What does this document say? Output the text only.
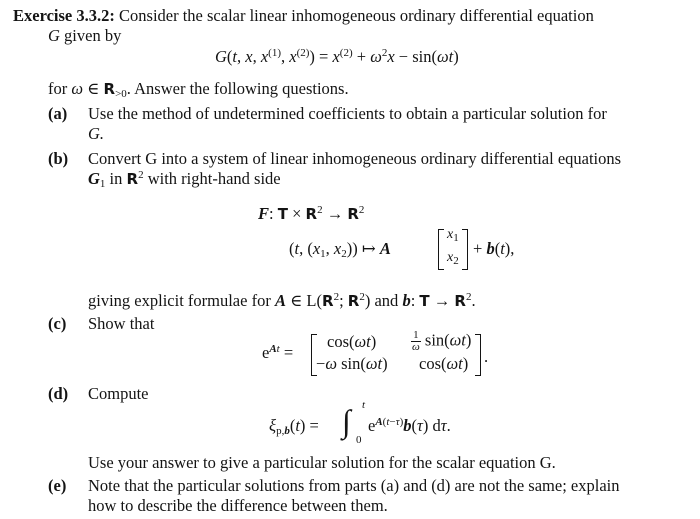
Exercise 3.3.2: Consider the scalar linear inhomogeneous ordinary differential equation
G given by
G(t, x, $x^{(1)}$, $x^{(2)}) = x^{(2)} + \omega^2x - \sin(\omega t)$
for ω ∈ $R_{>0}$. Answer the following questions.
(a) Use the method of undetermined coefficients to obtain a particular solution for
G.
(b) Convert G into a system of linear inhomogeneous ordinary differential equations
$G_1$ in $R^2$ with right-hand side
F: $T \times R^2 \to R^2$
(t, ($x_1$, $x_2$)) ↦ A
$x_1$
$x_2$
+ b(t),
giving explicit formulae for A ∈ $L(R^2$; $R^2$) and b: $T \to R^2$.
(c) Show that
$e^{At}$ =
cos(ωt)	$\frac{1}{\omega} \sin(\omega t)$
−ω sin(ωt) cos(ωt) .
(d) Compute
$\xi_{p,b}(t)$ = ∫ t
0
$e^{A(t-\tau)}b(\tau)$ dτ.
Use your answer to give a particular solution for the scalar equation G.
(e) Note that the particular solutions from parts (a) and (d) are not the same; explain
how to describe the difference between them.
